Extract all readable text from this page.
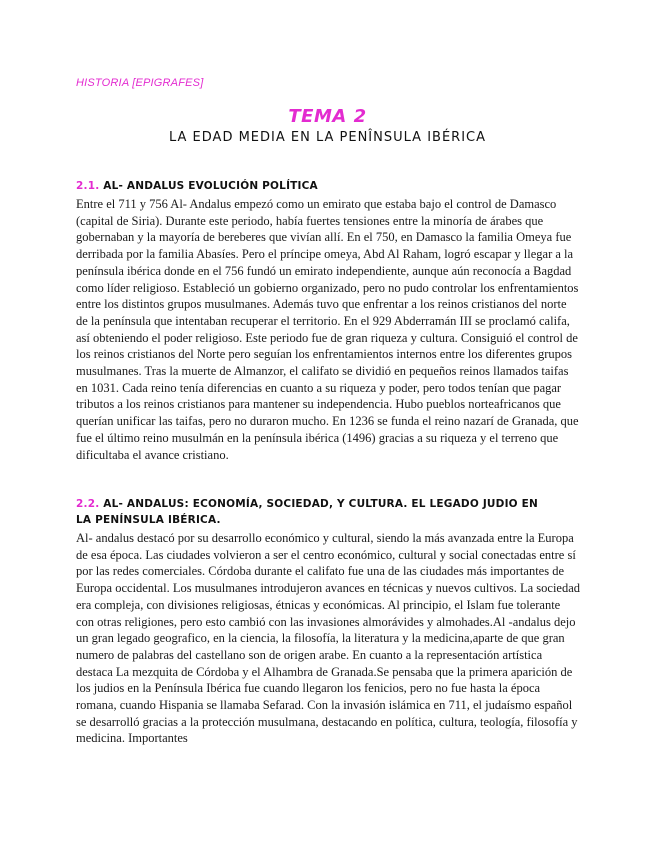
HISTORIA [EPIGRAFES]
TEMA 2
LA EDAD MEDIA EN LA PENÎNSULA IBÉRICA
2.1. AL- ANDALUS EVOLUCIÓN POLÍTICA
Entre el 711 y 756 Al- Andalus empezó como un emirato que estaba bajo el control de Damasco (capital de Siria). Durante este periodo, había fuertes tensiones entre la minoría de árabes que gobernaban y la mayoría de bereberes que vivían allí. En el 750, en Damasco la familia Omeya fue derribada por la familia Abasíes. Pero el príncipe omeya, Abd Al Raham, logró escapar y llegar a la península ibérica donde en el 756 fundó un emirato independiente, aunque aún reconocía a Bagdad como líder religioso. Estableció un gobierno organizado, pero no pudo controlar los enfrentamientos entre los distintos grupos musulmanes. Además tuvo que enfrentar a los reinos cristianos del norte de la península que intentaban recuperar el territorio. En el 929 Abderramán III se proclamó califa, así obteniendo el poder religioso. Este periodo fue de gran riqueza y cultura. Consiguió el control de los reinos cristianos del Norte pero seguían los enfrentamientos internos entre los diferentes grupos musulmanes. Tras la muerte de Almanzor, el califato se dividió en pequeños reinos llamados taifas en 1031. Cada reino tenía diferencias en cuanto a su riqueza y poder, pero todos tenían que pagar tributos a los reinos cristianos para mantener su independencia. Hubo pueblos norteafricanos que querían unificar las taifas, pero no duraron mucho. En 1236 se funda el reino nazarí de Granada, que fue el último reino musulmán en la península ibérica (1496) gracias a su riqueza y el terreno que dificultaba el avance cristiano.
2.2. AL- ANDALUS: ECONOMÍA, SOCIEDAD, Y CULTURA. EL LEGADO JUDIO EN LA PENÍNSULA IBÉRICA.
Al- andalus destacó por su desarrollo económico y cultural, siendo la más avanzada entre la Europa de esa época. Las ciudades volvieron a ser el centro económico, cultural y social conectadas entre sí por las redes comerciales. Córdoba durante el califato fue una de las ciudades más importantes de Europa occidental. Los musulmanes introdujeron avances en técnicas y nuevos cultivos. La sociedad era compleja, con divisiones religiosas, étnicas y económicas. Al principio, el Islam fue tolerante con otras religiones, pero esto cambió con las invasiones almorávides y almohades.Al -andalus dejo un gran legado geografico, en la ciencia, la filosofía, la literatura y la medicina,aparte de que gran numero de palabras del castellano son de origen arabe. En cuanto a la representación artística destaca La mezquita de Córdoba y el Alhambra de Granada.Se pensaba que la primera aparición de los judios en la Península Ibérica fue cuando llegaron los fenicios, pero no fue hasta la época romana, cuando Hispania se llamaba Sefarad. Con la invasión islámica en 711, el judaísmo español se desarrolló gracias a la protección musulmana, destacando en política, cultura, teología, filosofía y medicina. Importantes
